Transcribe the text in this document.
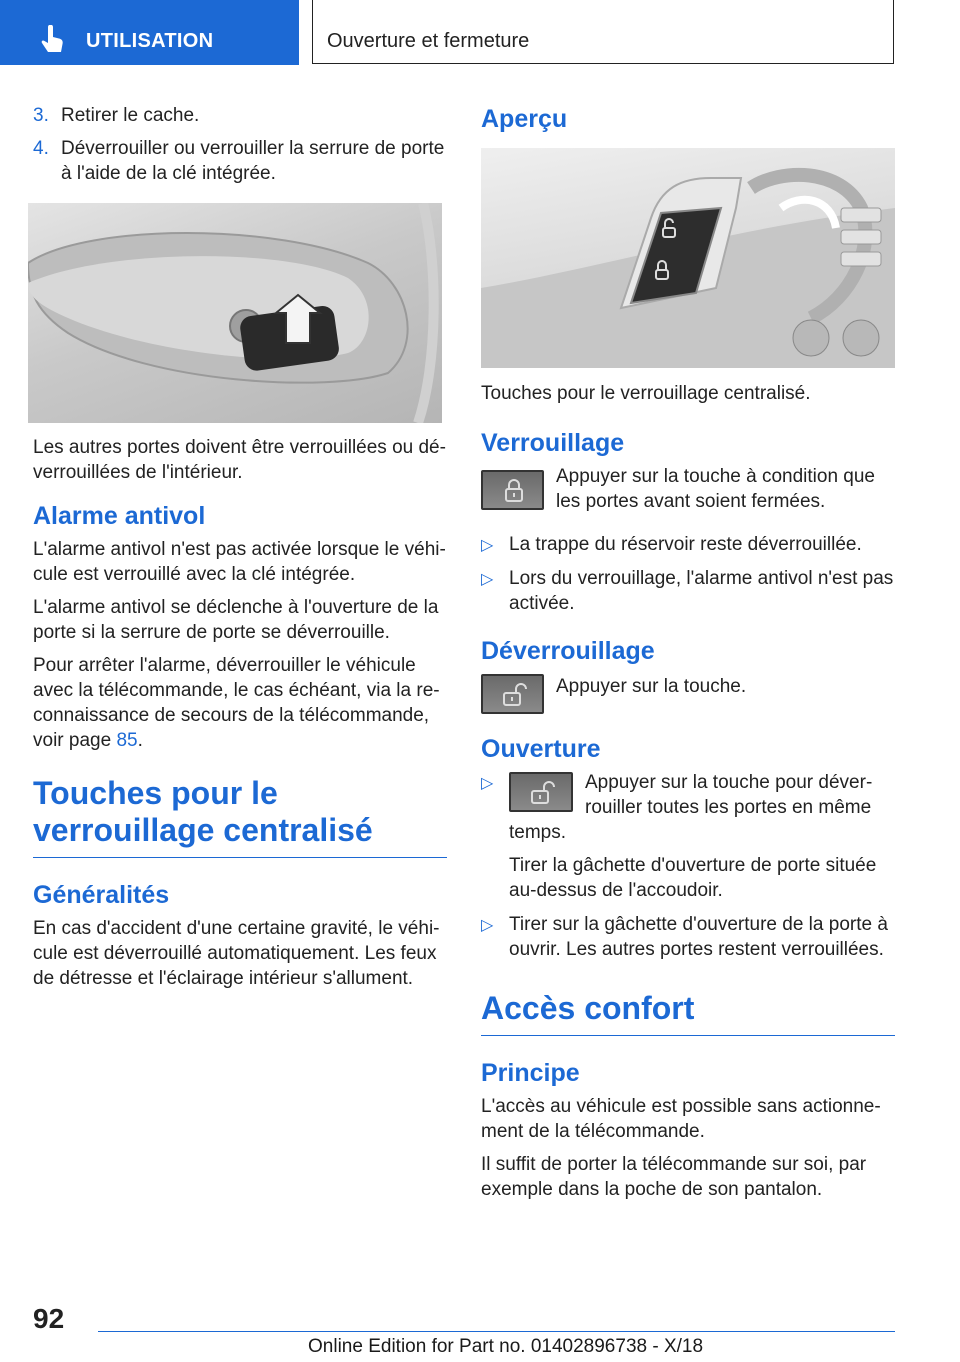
UTILISATION	Ouverture et fermeture
3. Retirer le cache.
4. Déverrouiller ou verrouiller la serrure de porte à l'aide de la clé intégrée.

Les autres portes doivent être verrouillées ou déverrouillées de l'intérieur.

Alarme antivol

L'alarme antivol n'est pas activée lorsque le véhicule est verrouillé avec la clé intégrée.

L'alarme antivol se déclenche à l'ouverture de la porte si la serrure de porte se déverrouille.

Pour arrêter l'alarme, déverrouiller le véhicule avec la télécommande, le cas échéant, via la reconnaissance de secours de la télécommande, voir page 85.

Touches pour le verrouillage centralisé
Généralités

En cas d'accident d'une certaine gravité, le véhicule est déverrouillé automatiquement. Les feux de détresse et l'éclairage intérieur s'allument.

Aperçu

Touches pour le verrouillage centralisé.

Verrouillage
Appuyer sur la touche à condition que les portes avant soient fermées.
▷ La trappe du réservoir reste déverrouillée.
▷ Lors du verrouillage, l'alarme antivol n'est pas activée.
Déverrouillage
Appuyer sur la touche.
Ouverture
▷	Appuyer sur la touche pour déverrouiller toutes les portes en même temps.

Tirer la gâchette d'ouverture de porte située au-dessus de l'accoudoir.

▷ Tirer sur la gâchette d'ouverture de la porte à ouvrir. Les autres portes restent verrouillées.
Accès confort
Principe

L'accès au véhicule est possible sans actionnement de la télécommande.

Il suffit de porter la télécommande sur soi, par exemple dans la poche de son pantalon.

92
Online Edition for Part no. 01402896738 - X/18
